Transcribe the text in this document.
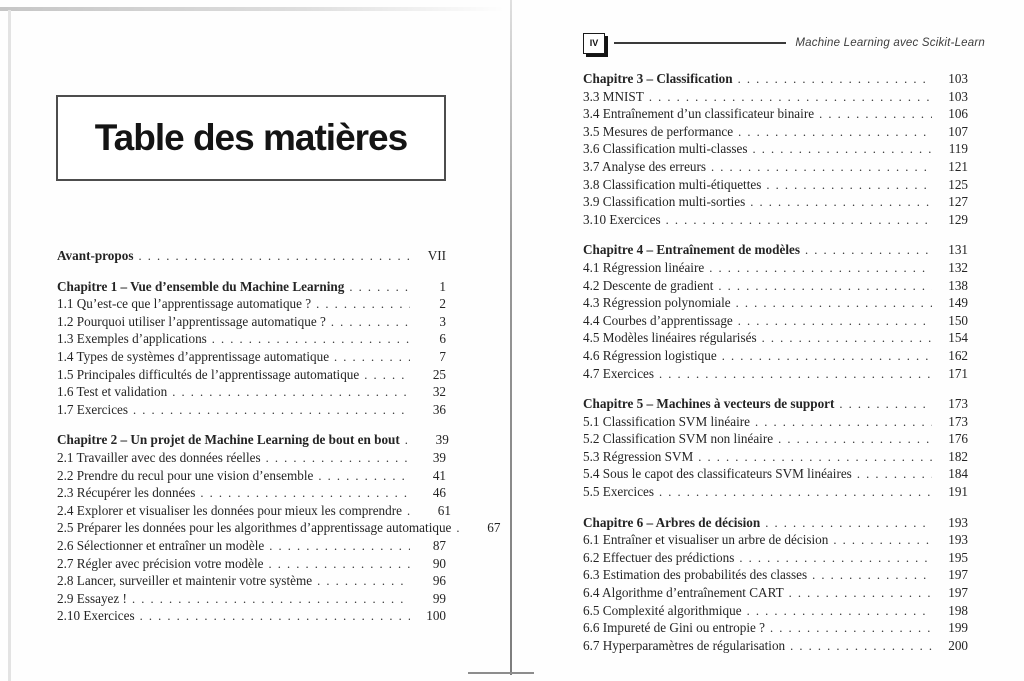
Table des matières
Avant-propos . . .	VII
Chapitre 1 – Vue d’ensemble du Machine Learning . . .	1
1.1 Qu’est-ce que l’apprentissage automatique ? . . .	2
1.2 Pourquoi utiliser l’apprentissage automatique ? . . .	3
1.3 Exemples d’applications . . .	6
1.4 Types de systèmes d’apprentissage automatique . . .	7
1.5 Principales difficultés de l’apprentissage automatique . . .	25
1.6 Test et validation . . .	32
1.7 Exercices . . .	36
Chapitre 2 – Un projet de Machine Learning de bout en bout . . .	39
2.1 Travailler avec des données réelles . . .	39
2.2 Prendre du recul pour une vision d’ensemble . . .	41
2.3 Récupérer les données . . .	46
2.4 Explorer et visualiser les données pour mieux les comprendre . . .	61
2.5 Préparer les données pour les algorithmes d’apprentissage automatique . . .	67
2.6 Sélectionner et entraîner un modèle . . .	87
2.7 Régler avec précision votre modèle . . .	90
2.8 Lancer, surveiller et maintenir votre système . . .	96
2.9 Essayez ! . . .	99
2.10 Exercices . . .	100
IV	Machine Learning avec Scikit-Learn
Chapitre 3 – Classification . . .	103
3.3 MNIST . . .	103
3.4 Entraînement d’un classificateur binaire . . .	106
3.5 Mesures de performance . . .	107
3.6 Classification multi-classes . . .	119
3.7 Analyse des erreurs . . .	121
3.8 Classification multi-étiquettes . . .	125
3.9 Classification multi-sorties . . .	127
3.10 Exercices . . .	129
Chapitre 4 – Entraînement de modèles . . .	131
4.1 Régression linéaire . . .	132
4.2 Descente de gradient . . .	138
4.3 Régression polynomiale . . .	149
4.4 Courbes d’apprentissage . . .	150
4.5 Modèles linéaires régularisés . . .	154
4.6 Régression logistique . . .	162
4.7 Exercices . . .	171
Chapitre 5 – Machines à vecteurs de support . . .	173
5.1 Classification SVM linéaire . . .	173
5.2 Classification SVM non linéaire . . .	176
5.3 Régression SVM . . .	182
5.4 Sous le capot des classificateurs SVM linéaires . . .	184
5.5 Exercices . . .	191
Chapitre 6 – Arbres de décision . . .	193
6.1 Entraîner et visualiser un arbre de décision . . .	193
6.2 Effectuer des prédictions . . .	195
6.3 Estimation des probabilités des classes . . .	197
6.4 Algorithme d’entraînement CART . . .	197
6.5 Complexité algorithmique . . .	198
6.6 Impureté de Gini ou entropie ? . . .	199
6.7 Hyperparamètres de régularisation . . .	200
